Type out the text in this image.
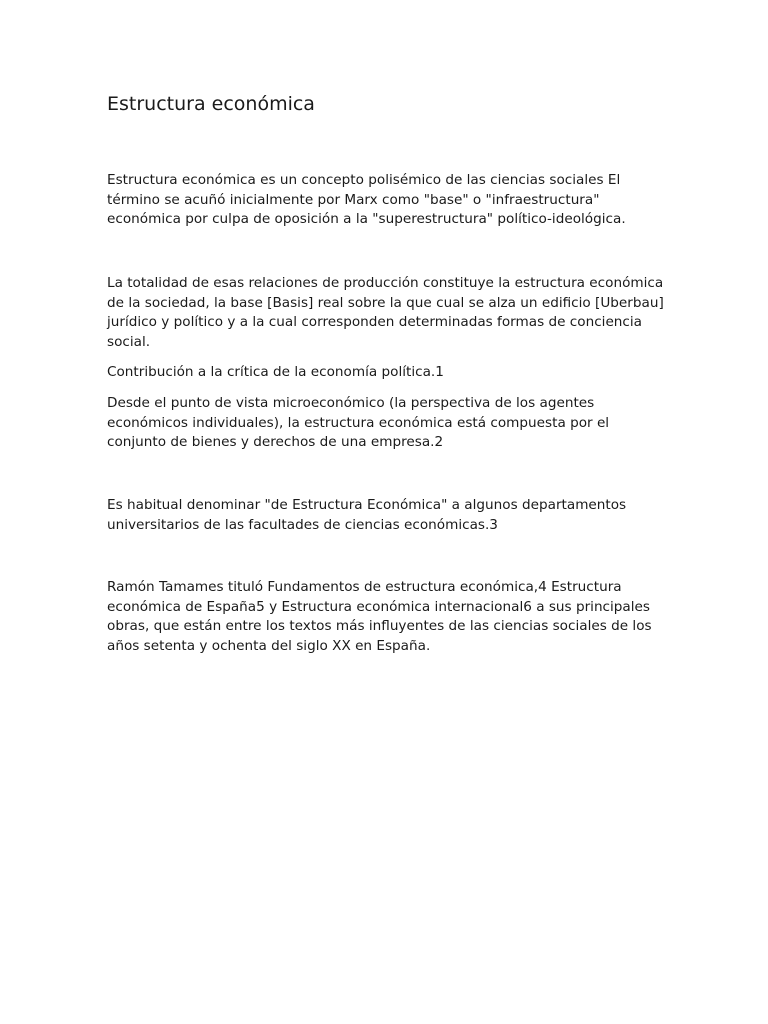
Estructura económica

Estructura económica es un concepto polisémico de las ciencias sociales El término se acuñó inicialmente por Marx como "base" o "infraestructura" económica por culpa de oposición a la "superestructura" político-ideológica.

La totalidad de esas relaciones de producción constituye la estructura económica de la sociedad, la base [Basis] real sobre la que cual se alza un edificio [Uberbau] jurídico y político y a la cual corresponden determinadas formas de conciencia social.

Contribución a la crítica de la economía política.1

Desde el punto de vista microeconómico (la perspectiva de los agentes económicos individuales), la estructura económica está compuesta por el conjunto de bienes y derechos de una empresa.2

Es habitual denominar "de Estructura Económica" a algunos departamentos universitarios de las facultades de ciencias económicas.3

Ramón Tamames tituló Fundamentos de estructura económica,4 Estructura económica de España5 y Estructura económica internacional6 a sus principales obras, que están entre los textos más influyentes de las ciencias sociales de los años setenta y ochenta del siglo XX en España.
